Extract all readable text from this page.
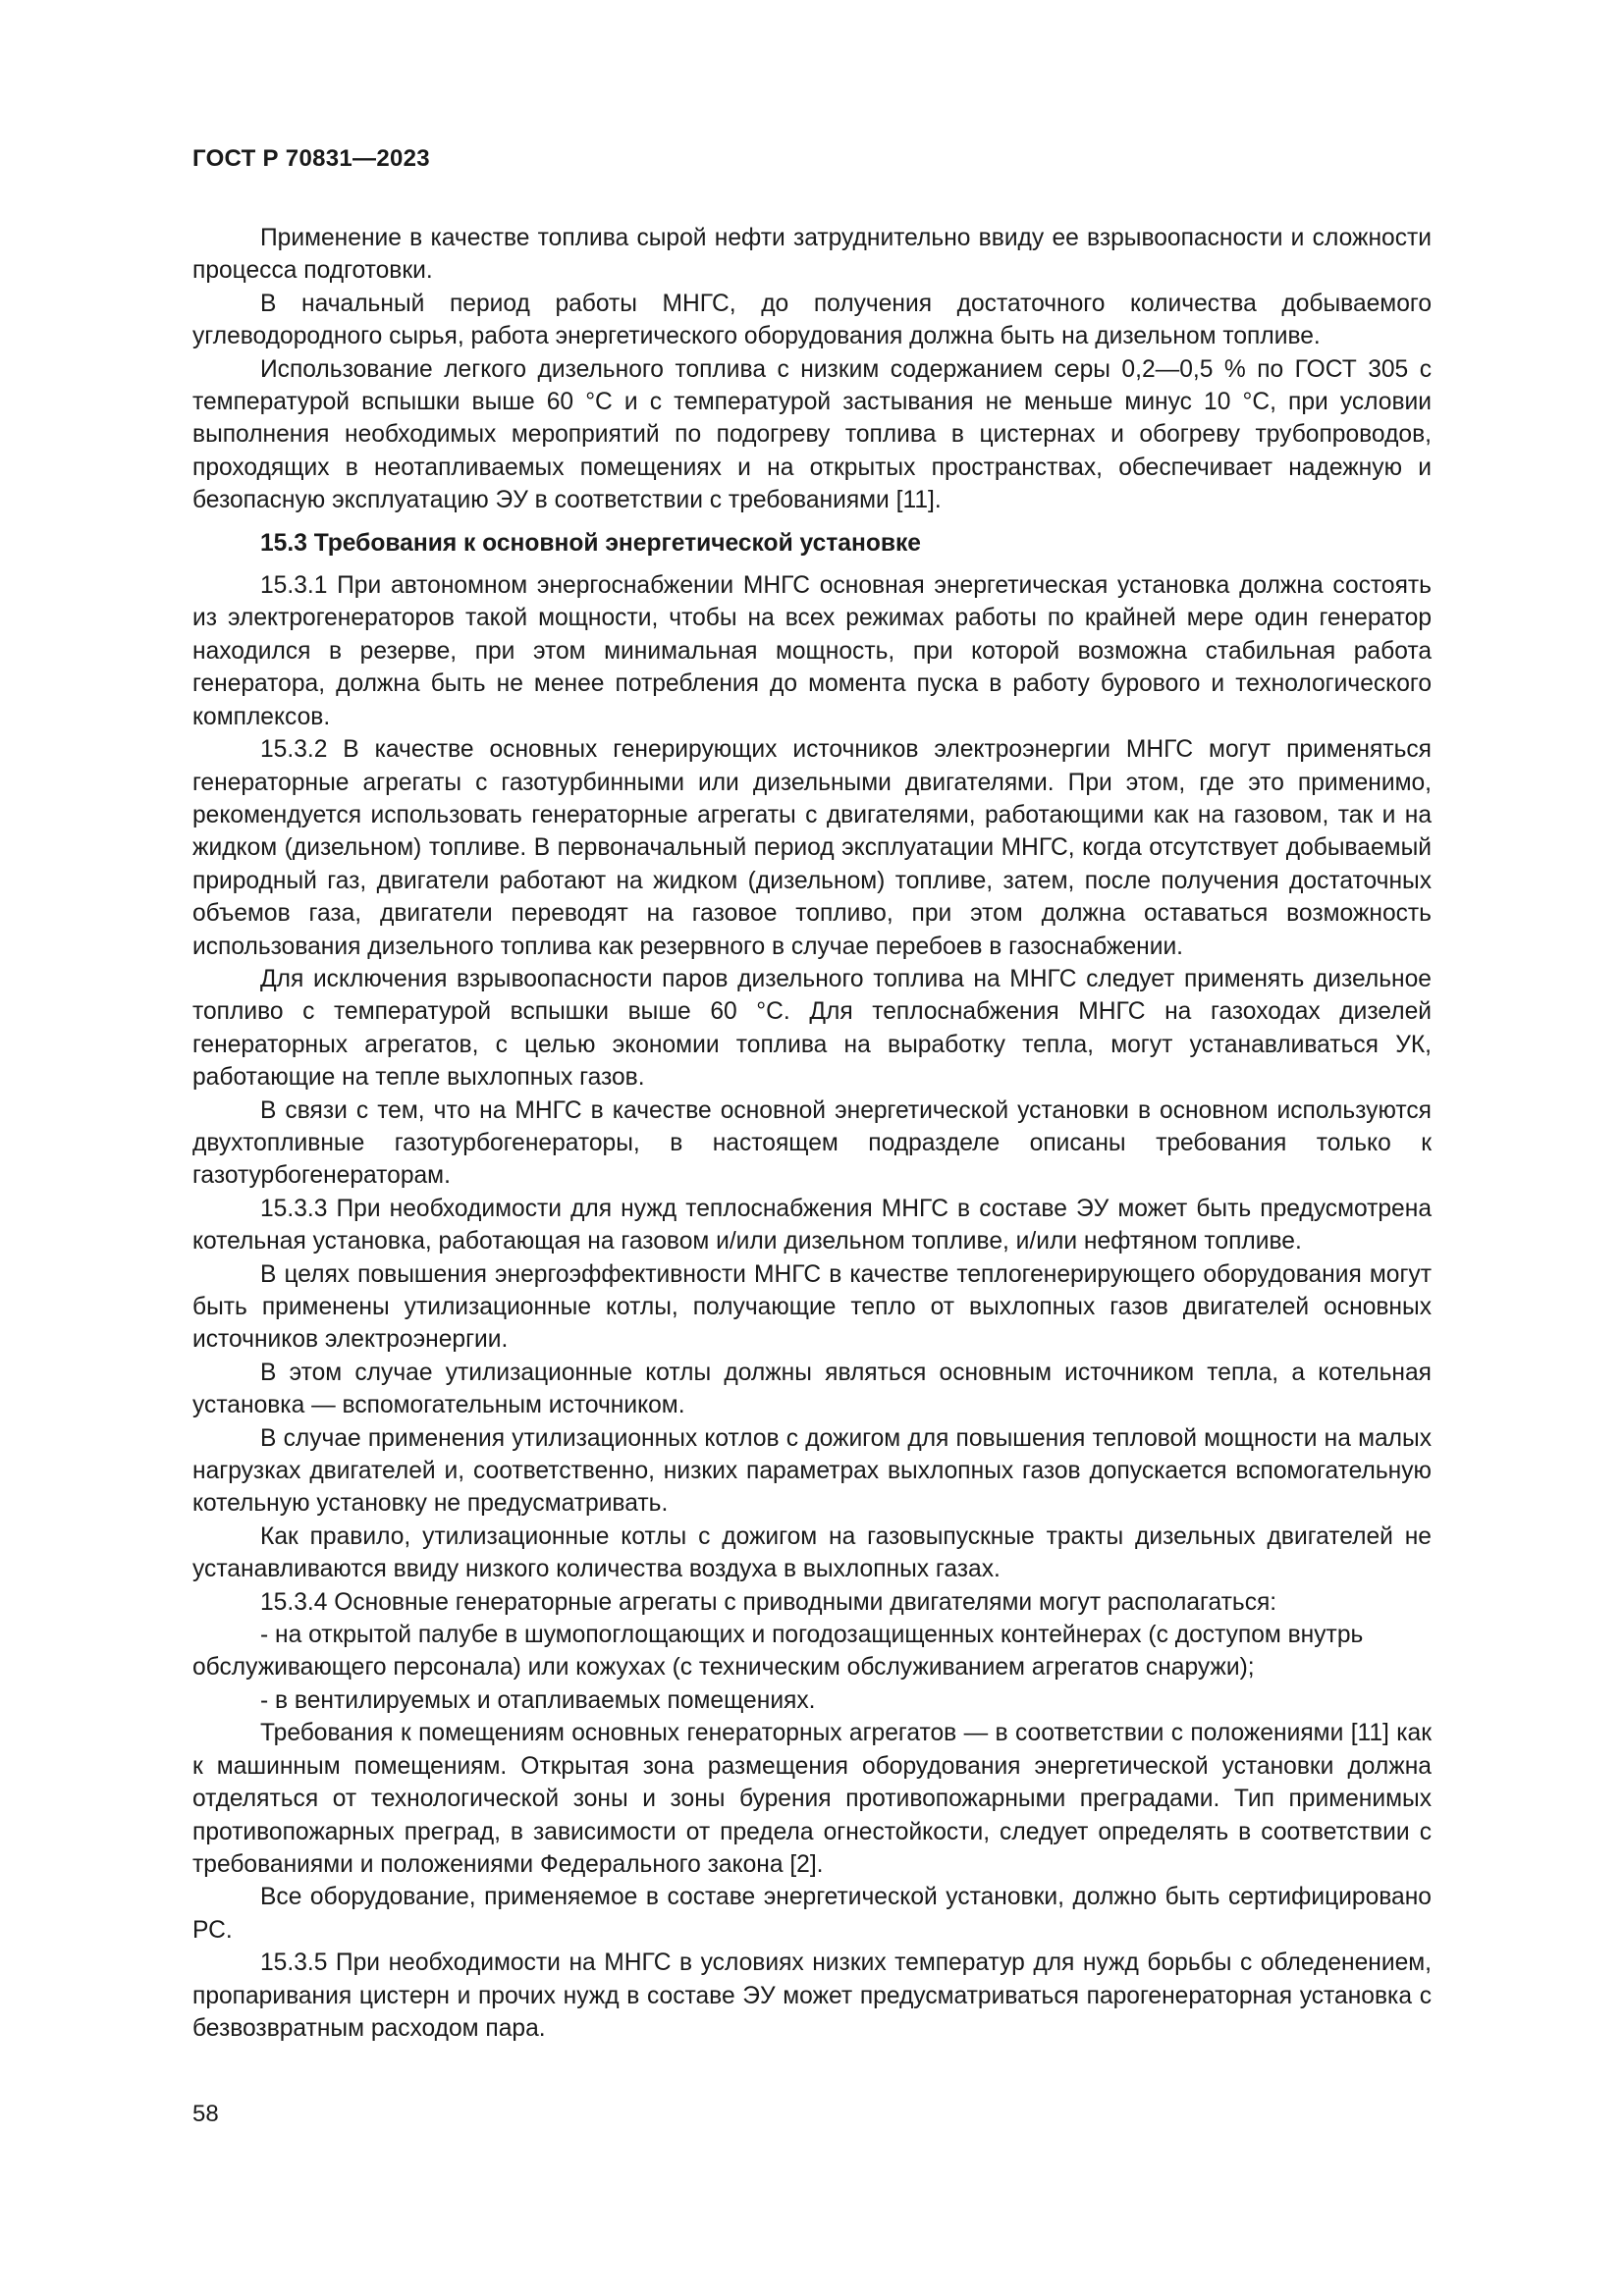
ГОСТ Р 70831—2023

Применение в качестве топлива сырой нефти затруднительно ввиду ее взрывоопасности и сложности процесса подготовки.

В начальный период работы МНГС, до получения достаточного количества добываемого углеводородного сырья, работа энергетического оборудования должна быть на дизельном топливе.

Использование легкого дизельного топлива с низким содержанием серы 0,2—0,5 % по ГОСТ 305 с температурой вспышки выше 60 °С и с температурой застывания не меньше минус 10 °С, при условии выполнения необходимых мероприятий по подогреву топлива в цистернах и обогреву трубопроводов, проходящих в неотапливаемых помещениях и на открытых пространствах, обеспечивает надежную и безопасную эксплуатацию ЭУ в соответствии с требованиями [11].

15.3 Требования к основной энергетической установке

15.3.1 При автономном энергоснабжении МНГС основная энергетическая установка должна состоять из электрогенераторов такой мощности, чтобы на всех режимах работы по крайней мере один генератор находился в резерве, при этом минимальная мощность, при которой возможна стабильная работа генератора, должна быть не менее потребления до момента пуска в работу бурового и технологического комплексов.

15.3.2 В качестве основных генерирующих источников электроэнергии МНГС могут применяться генераторные агрегаты с газотурбинными или дизельными двигателями. При этом, где это применимо, рекомендуется использовать генераторные агрегаты с двигателями, работающими как на газовом, так и на жидком (дизельном) топливе. В первоначальный период эксплуатации МНГС, когда отсутствует добываемый природный газ, двигатели работают на жидком (дизельном) топливе, затем, после получения достаточных объемов газа, двигатели переводят на газовое топливо, при этом должна оставаться возможность использования дизельного топлива как резервного в случае перебоев в газоснабжении.

Для исключения взрывоопасности паров дизельного топлива на МНГС следует применять дизельное топливо с температурой вспышки выше 60 °С. Для теплоснабжения МНГС на газоходах дизелей генераторных агрегатов, с целью экономии топлива на выработку тепла, могут устанавливаться УК, работающие на тепле выхлопных газов.

В связи с тем, что на МНГС в качестве основной энергетической установки в основном используются двухтопливные газотурбогенераторы, в настоящем подразделе описаны требования только к газотурбогенераторам.

15.3.3 При необходимости для нужд теплоснабжения МНГС в составе ЭУ может быть предусмотрена котельная установка, работающая на газовом и/или дизельном топливе, и/или нефтяном топливе.

В целях повышения энергоэффективности МНГС в качестве теплогенерирующего оборудования могут быть применены утилизационные котлы, получающие тепло от выхлопных газов двигателей основных источников электроэнергии.

В этом случае утилизационные котлы должны являться основным источником тепла, а котельная установка — вспомогательным источником.

В случае применения утилизационных котлов с дожигом для повышения тепловой мощности на малых нагрузках двигателей и, соответственно, низких параметрах выхлопных газов допускается вспомогательную котельную установку не предусматривать.

Как правило, утилизационные котлы с дожигом на газовыпускные тракты дизельных двигателей не устанавливаются ввиду низкого количества воздуха в выхлопных газах.

15.3.4 Основные генераторные агрегаты с приводными двигателями могут располагаться:

- на открытой палубе в шумопоглощающих и погодозащищенных контейнерах (с доступом внутрь обслуживающего персонала) или кожухах (с техническим обслуживанием агрегатов снаружи);

- в вентилируемых и отапливаемых помещениях.

Требования к помещениям основных генераторных агрегатов — в соответствии с положениями [11] как к машинным помещениям. Открытая зона размещения оборудования энергетической установки должна отделяться от технологической зоны и зоны бурения противопожарными преградами. Тип применимых противопожарных преград, в зависимости от предела огнестойкости, следует определять в соответствии с требованиями и положениями Федерального закона [2].

Все оборудование, применяемое в составе энергетической установки, должно быть сертифицировано РС.

15.3.5 При необходимости на МНГС в условиях низких температур для нужд борьбы с обледенением, пропаривания цистерн и прочих нужд в составе ЭУ может предусматриваться парогенераторная установка с безвозвратным расходом пара.

58
